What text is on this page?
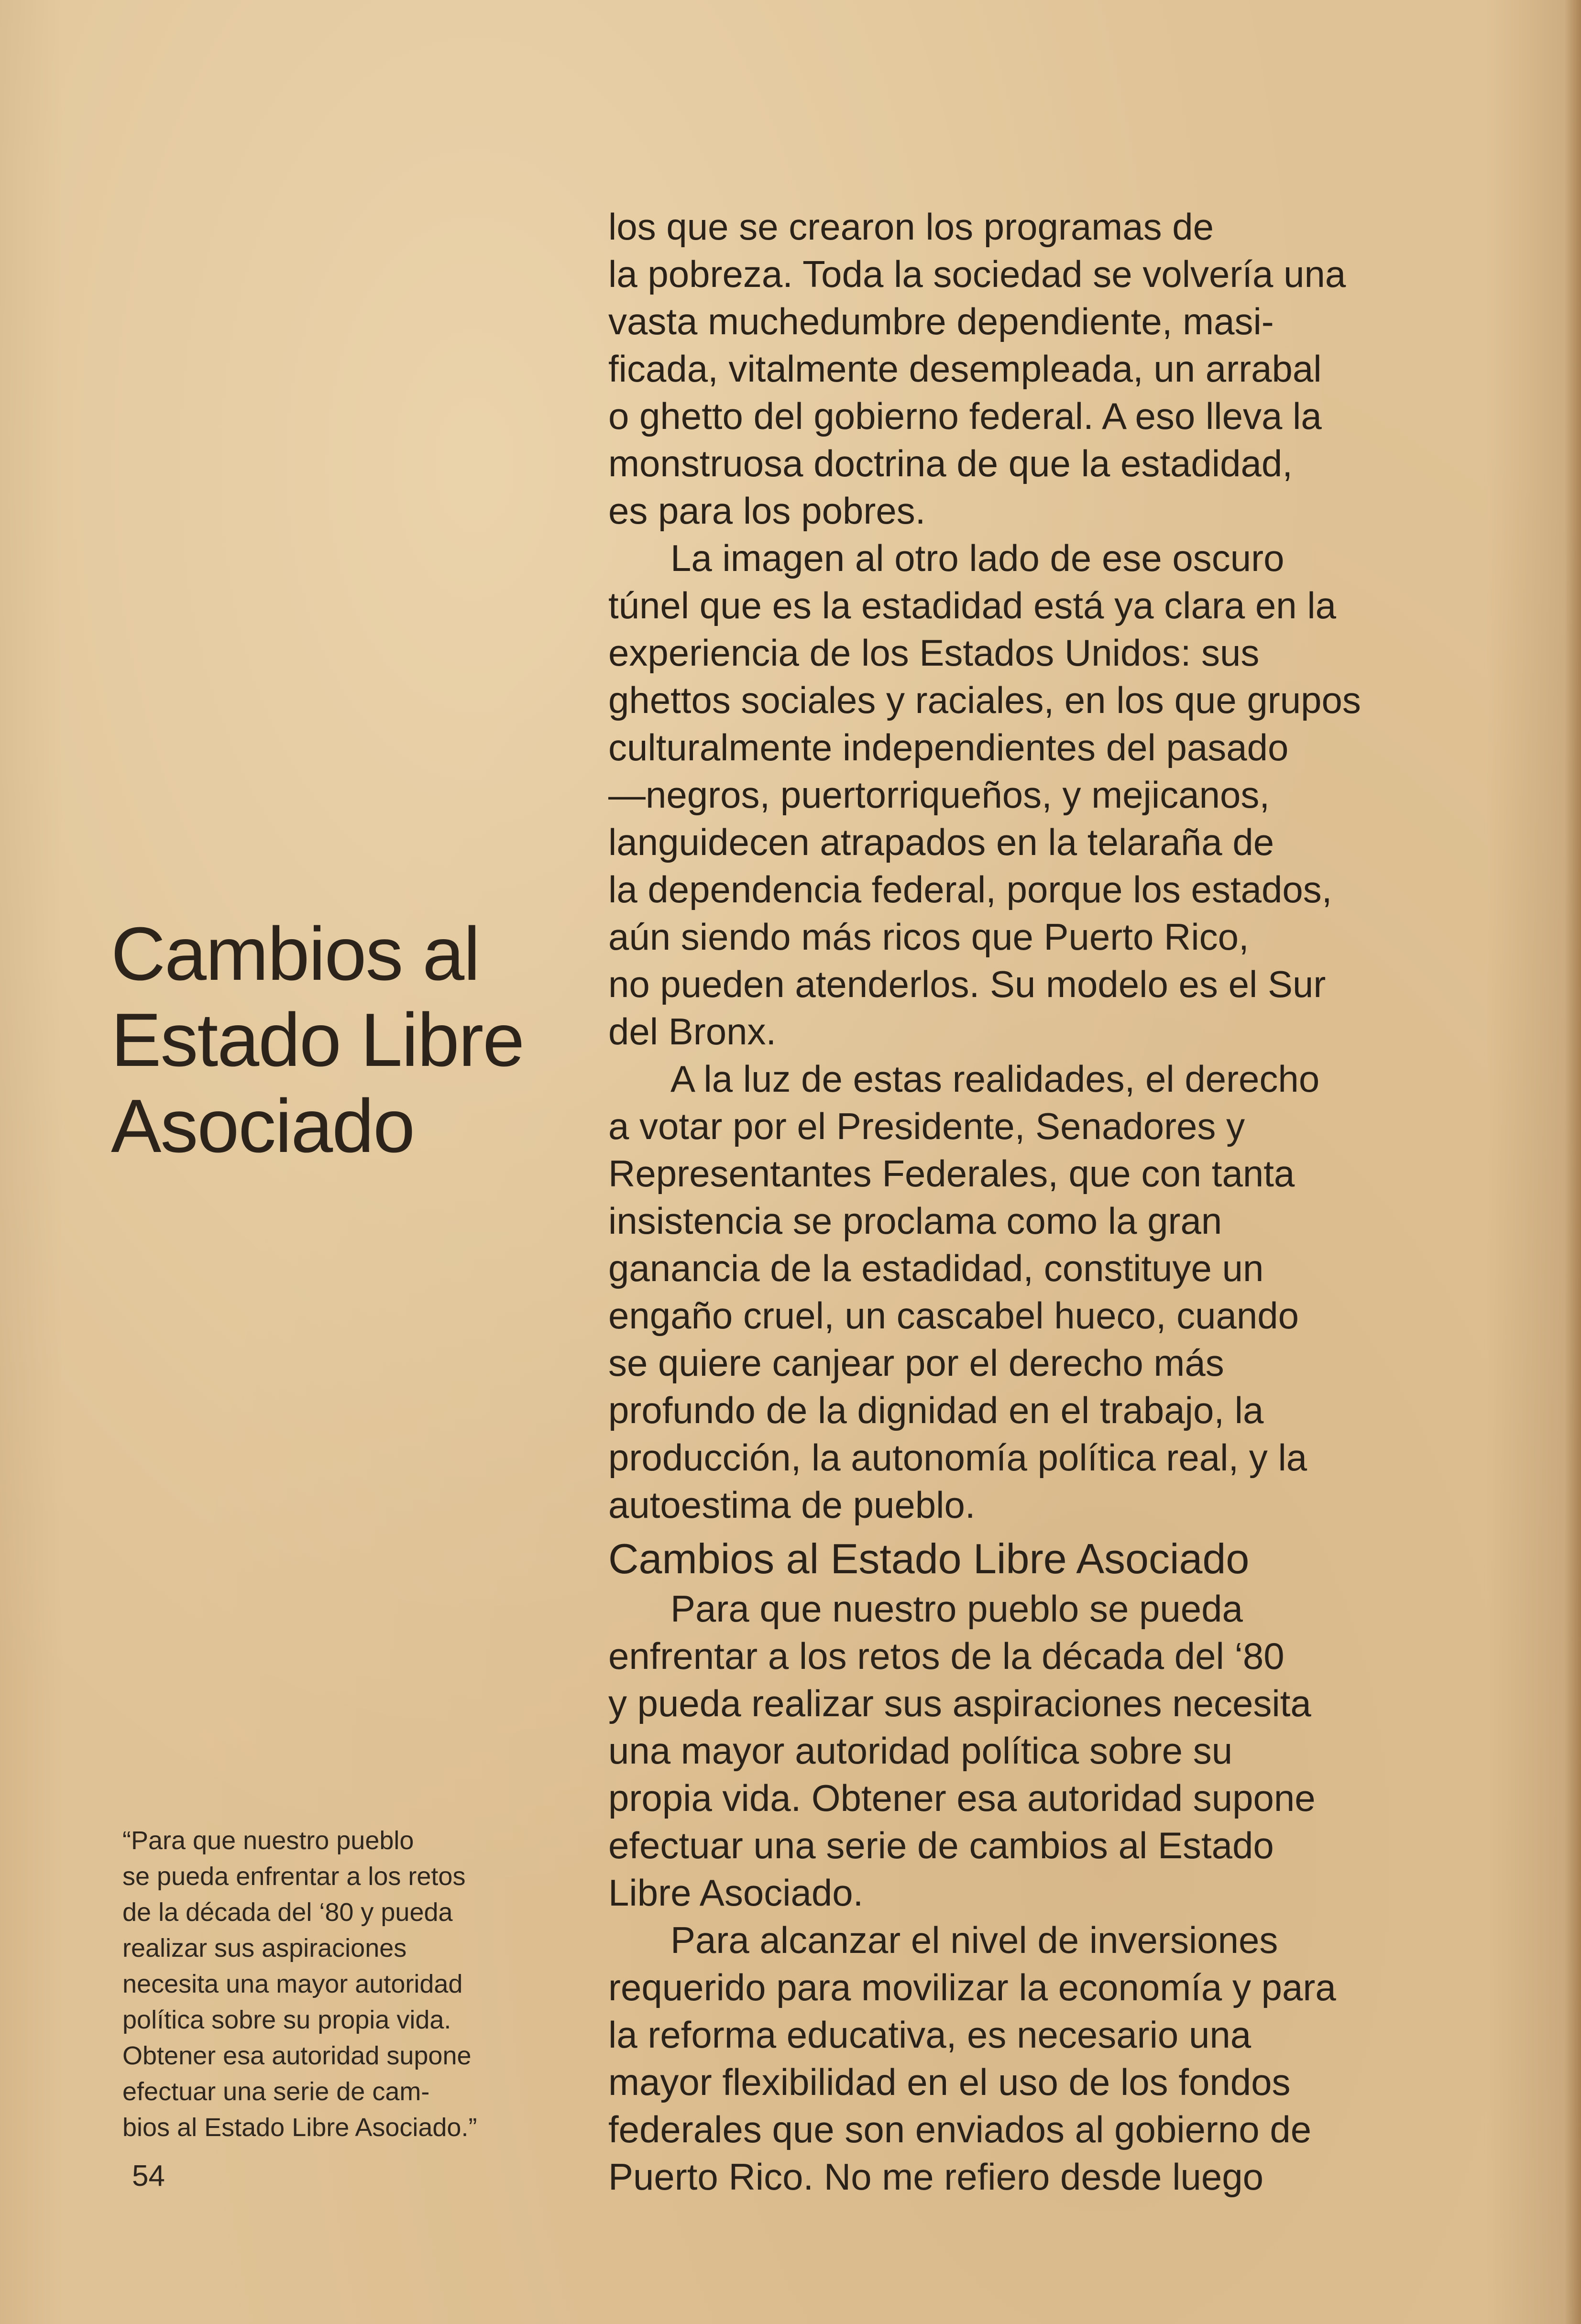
Cambios al
Estado Libre
Asociado
“Para que nuestro pueblo
se pueda enfrentar a los retos
de la década del ‘80 y pueda
realizar sus aspiraciones
necesita una mayor autoridad
política sobre su propia vida.
Obtener esa autoridad supone
efectuar una serie de cam-
bios al Estado Libre Asociado.”
54
los que se crearon los programas de
la pobreza. Toda la sociedad se volvería una
vasta muchedumbre dependiente, masi-
ficada, vitalmente desempleada, un arrabal
o ghetto del gobierno federal. A eso lleva la
monstruosa doctrina de que la estadidad,
es para los pobres.
La imagen al otro lado de ese oscuro
túnel que es la estadidad está ya clara en la
experiencia de los Estados Unidos: sus
ghettos sociales y raciales, en los que grupos
culturalmente independientes del pasado
—negros, puertorriqueños, y mejicanos,
languidecen atrapados en la telaraña de
la dependencia federal, porque los estados,
aún siendo más ricos que Puerto Rico,
no pueden atenderlos. Su modelo es el Sur
del Bronx.
A la luz de estas realidades, el derecho
a votar por el Presidente, Senadores y
Representantes Federales, que con tanta
insistencia se proclama como la gran
ganancia de la estadidad, constituye un
engaño cruel, un cascabel hueco, cuando
se quiere canjear por el derecho más
profundo de la dignidad en el trabajo, la
producción, la autonomía política real, y la
autoestima de pueblo.
Cambios al Estado Libre Asociado
Para que nuestro pueblo se pueda
enfrentar a los retos de la década del ‘80
y pueda realizar sus aspiraciones necesita
una mayor autoridad política sobre su
propia vida. Obtener esa autoridad supone
efectuar una serie de cambios al Estado
Libre Asociado.
Para alcanzar el nivel de inversiones
requerido para movilizar la economía y para
la reforma educativa, es necesario una
mayor flexibilidad en el uso de los fondos
federales que son enviados al gobierno de
Puerto Rico. No me refiero desde luego
